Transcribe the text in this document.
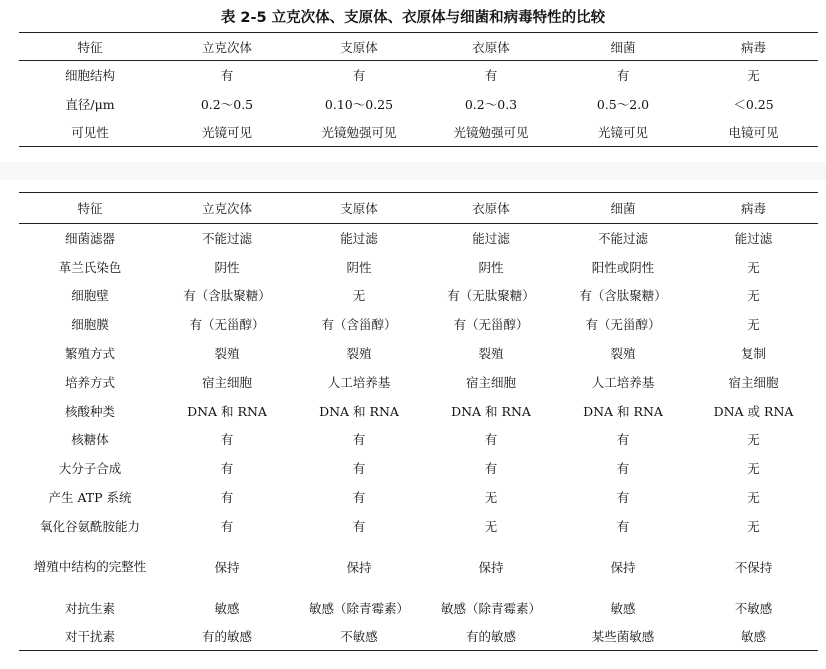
表 2-5 立克次体、支原体、衣原体与细菌和病毒特性的比较
特征	立克次体	支原体	衣原体	细菌	病毒
细胞结构	有	有	有	有	无
直径/μm	0.2～0.5	0.10～0.25	0.2～0.3	0.5～2.0	＜0.25
可见性	光镜可见	光镜勉强可见	光镜勉强可见	光镜可见	电镜可见
特征	立克次体	支原体	衣原体	细菌	病毒
细菌滤器	不能过滤	能过滤	能过滤	不能过滤	能过滤
革兰氏染色	阴性	阴性	阴性	阳性或阴性	无
细胞壁	有（含肽聚糖）	无	有（无肽聚糖）	有（含肽聚糖）	无
细胞膜	有（无甾醇）	有（含甾醇）	有（无甾醇）	有（无甾醇）	无
繁殖方式	裂殖	裂殖	裂殖	裂殖	复制
培养方式	宿主细胞	人工培养基	宿主细胞	人工培养基	宿主细胞
核酸种类	DNA 和 RNA	DNA 和 RNA	DNA 和 RNA	DNA 和 RNA	DNA 或 RNA
核糖体	有	有	有	有	无
大分子合成	有	有	有	有	无
产生 ATP 系统	有	有	无	有	无
氧化谷氨酰胺能力	有	有	无	有	无
增殖中结构的完整性	保持	保持	保持	保持	不保持
对抗生素	敏感	敏感（除青霉素）	敏感（除青霉素）	敏感	不敏感
对干扰素	有的敏感	不敏感	有的敏感	某些菌敏感	敏感
